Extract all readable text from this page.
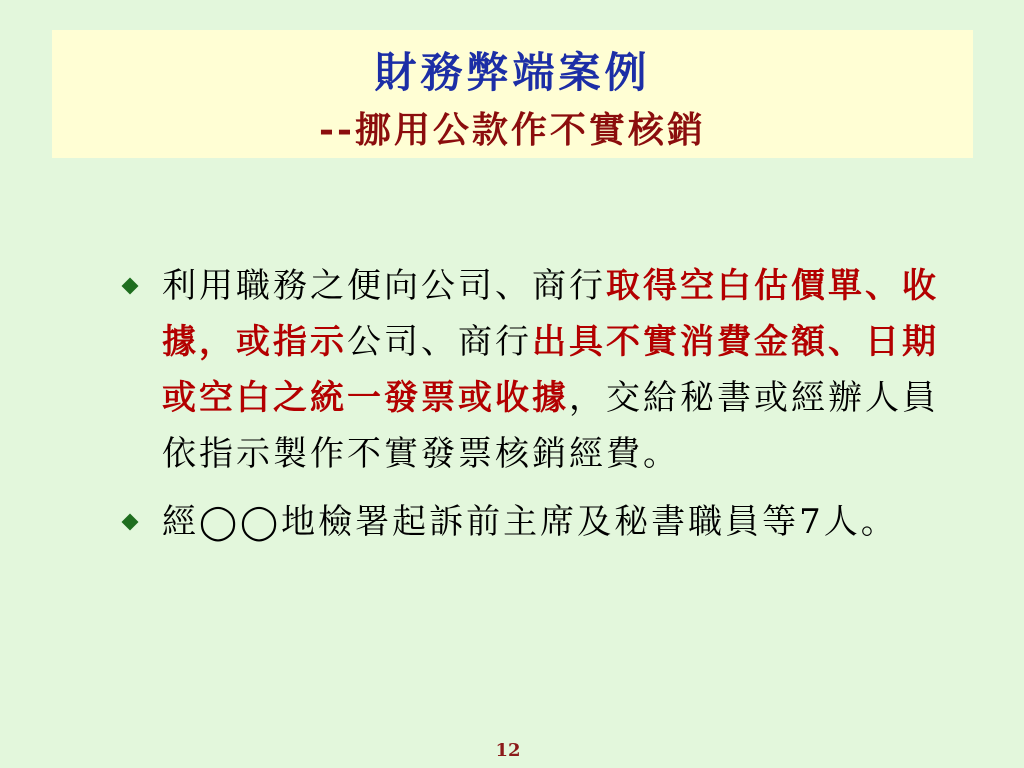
財務弊端案例
--挪用公款作不實核銷
利用職務之便向公司、商行取得空白估價單、收據，或指示公司、商行出具不實消費金額、日期或空白之統一發票或收據，交給秘書或經辦人員依指示製作不實發票核銷經費。
經◯◯地檢署起訴前主席及秘書職員等7人。
12
